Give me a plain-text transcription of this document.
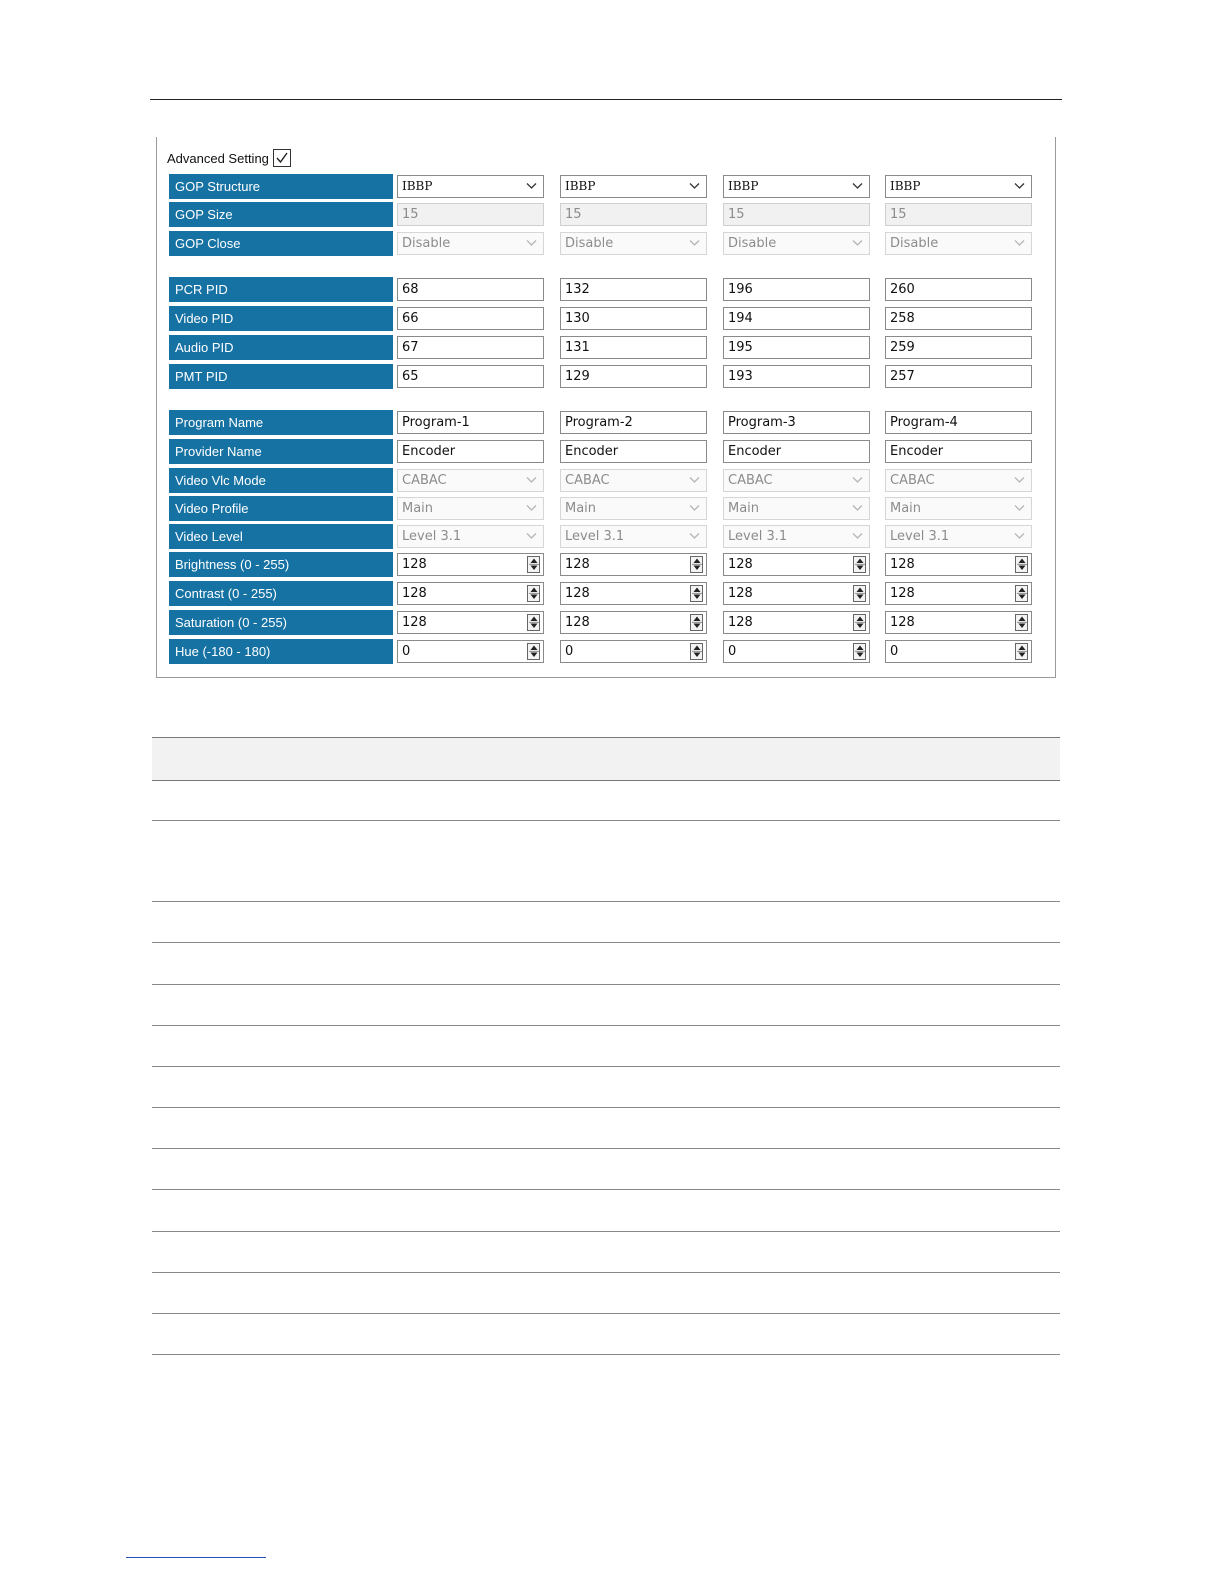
Advanced Setting
GOP Structure	IBBP	IBBP	IBBP	IBBP
GOP Size	15	15	15	15
GOP Close	Disable	Disable	Disable	Disable
PCR PID	68	132	196	260
Video PID	66	130	194	258
Audio PID	67	131	195	259
PMT PID	65	129	193	257
Program Name	Program-1	Program-2	Program-3	Program-4
Provider Name	Encoder	Encoder	Encoder	Encoder
Video Vlc Mode	CABAC	CABAC	CABAC	CABAC
Video Profile	Main	Main	Main	Main
Video Level	Level 3.1	Level 3.1	Level 3.1	Level 3.1
Brightness (0 - 255)	128	128	128	128
Contrast (0 - 255)	128	128	128	128
Saturation (0 - 255)	128	128	128	128
Hue (-180 - 180)	0	0	0	0
